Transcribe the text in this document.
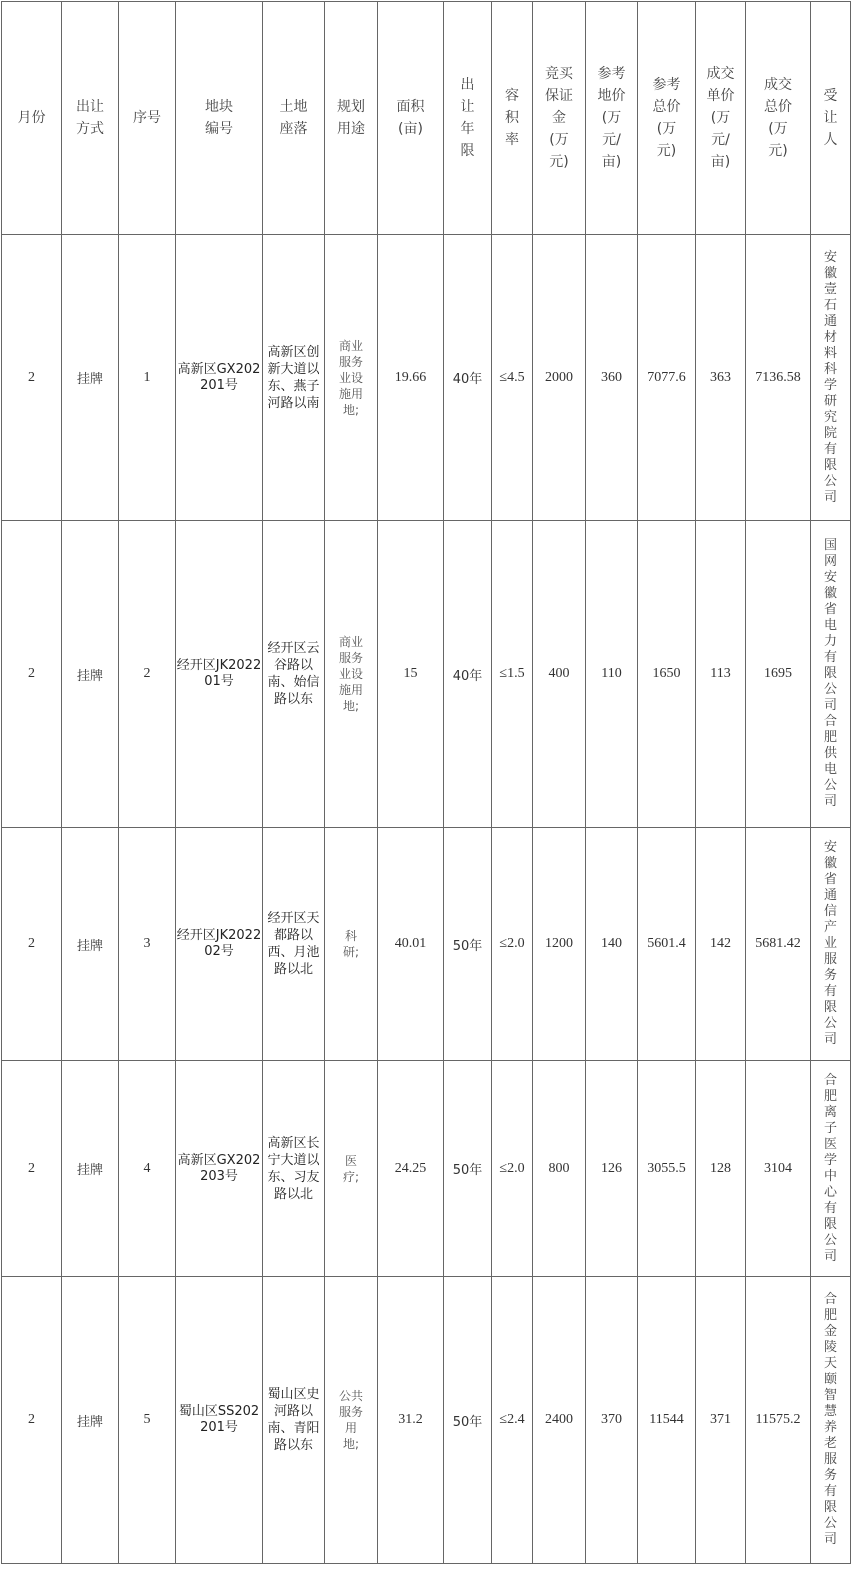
月份	出让方式	序号	地块编号	土地座落	规划用途	面积(亩)	出让年限	容积率	竞买保证金(万元)	参考地价(万元/亩)	参考总价(万元)	成交单价(万元/亩)	成交总价(万元)	受让人

2	挂牌	1	高新区GX202201号	高新区创新大道以东、燕子河路以南	商业服务业设施用地;	19.66	40年	≤4.5	2000	360	7077.6	363	7136.58	安徽壹石通材料科学研究院有限公司
2	挂牌	2	经开区JK202201号	经开区云谷路以南、始信路以东	商业服务业设施用地;	15	40年	≤1.5	400	110	1650	113	1695	国网安徽省电力有限公司合肥供电公司
2	挂牌	3	经开区JK202202号	经开区天都路以西、月池路以北	科研;	40.01	50年	≤2.0	1200	140	5601.4	142	5681.42	安徽省通信产业服务有限公司
2	挂牌	4	高新区GX202203号	高新区长宁大道以东、习友路以北	医疗;	24.25	50年	≤2.0	800	126	3055.5	128	3104	合肥离子医学中心有限公司
2	挂牌	5	蜀山区SS202201号	蜀山区史河路以南、青阳路以东	公共服务用地;	31.2	50年	≤2.4	2400	370	11544	371	11575.2	合肥金陵天颐智慧养老服务有限公司
